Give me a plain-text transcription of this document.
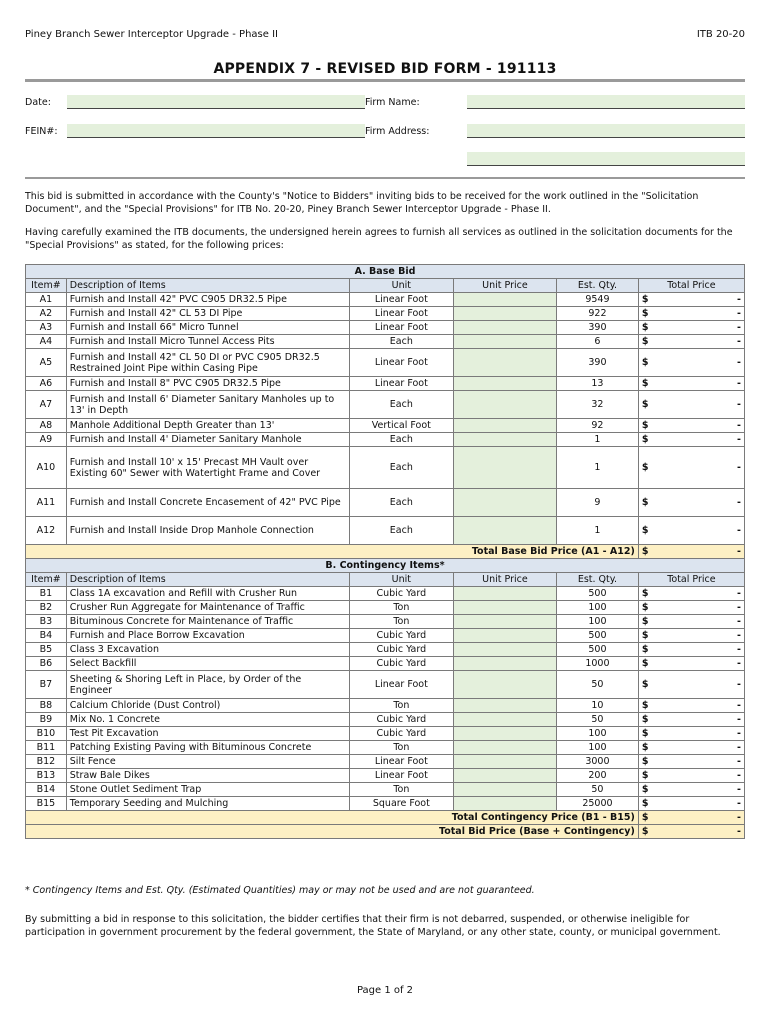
Piney Branch Sewer Interceptor Upgrade - Phase II	ITB 20-20
APPENDIX 7 - REVISED BID FORM - 191113
Date:	Firm Name:
FEIN#:	Firm Address:
This bid is submitted in accordance with the County's "Notice to Bidders" inviting bids to be received for the work outlined in the "Solicitation Document", and the "Special Provisions" for ITB No. 20-20, Piney Branch Sewer Interceptor Upgrade - Phase II.
Having carefully examined the ITB documents, the undersigned herein agrees to furnish all services as outlined in the solicitation documents for the "Special Provisions" as stated, for the following prices:
A. Base Bid					
Item#	Description of Items	Unit	Unit Price	Est. Qty.	Total Price
A1	Furnish and Install 42" PVC C905 DR32.5 Pipe	Linear Foot		9549	$ -

A2	Furnish and Install 42" CL 53 DI Pipe	Linear Foot		922	$ -

A3	Furnish and Install 66" Micro Tunnel	Linear Foot		390	$ -

A4	Furnish and Install Micro Tunnel Access Pits	Each		6	$ -

A5	Furnish and Install 42" CL 50 DI or PVC C905 DR32.5 Restrained Joint Pipe within Casing Pipe	Linear Foot		390	$ -

A6	Furnish and Install 8" PVC C905 DR32.5 Pipe	Linear Foot		13	$ -

A7	Furnish and Install 6' Diameter Sanitary Manholes up to 13' in Depth	Each		32	$ -

A8	Manhole Additional Depth Greater than 13'	Vertical Foot		92	$ -

A9	Furnish and Install 4' Diameter Sanitary Manhole	Each		1	$ -

A10	Furnish and Install 10' x 15' Precast MH Vault over Existing 60" Sewer with Watertight Frame and Cover	Each		1	$ -

A11	Furnish and Install Concrete Encasement of 42" PVC Pipe	Each		9	$ -

A12	Furnish and Install Inside Drop Manhole Connection	Each		1	$ -

Total Base Bid Price (A1 - A12)					$ -

B. Contingency Items*					
Item#	Description of Items	Unit	Unit Price	Est. Qty.	Total Price
B1	Class 1A excavation and Refill with Crusher Run	Cubic Yard		500	$ -

B2	Crusher Run Aggregate for Maintenance of Traffic	Ton		100	$ -

B3	Bituminous Concrete for Maintenance of Traffic	Ton		100	$ -

B4	Furnish and Place Borrow Excavation	Cubic Yard		500	$ -

B5	Class 3 Excavation	Cubic Yard		500	$ -

B6	Select Backfill	Cubic Yard		1000	$ -

B7	Sheeting & Shoring Left in Place, by Order of the Engineer	Linear Foot		50	$ -

B8	Calcium Chloride (Dust Control)	Ton		10	$ -

B9	Mix No. 1 Concrete	Cubic Yard		50	$ -

B10	Test Pit Excavation	Cubic Yard		100	$ -

B11	Patching Existing Paving with Bituminous Concrete	Ton		100	$ -

B12	Silt Fence	Linear Foot		3000	$ -

B13	Straw Bale Dikes	Linear Foot		200	$ -

B14	Stone Outlet Sediment Trap	Ton		50	$ -

B15	Temporary Seeding and Mulching	Square Foot		25000	$ -

Total Contingency Price (B1 - B15)					$ -

Total Bid Price (Base + Contingency)					$ -
* Contingency Items and Est. Qty. (Estimated Quantities) may or may not be used and are not guaranteed.
By submitting a bid in response to this solicitation, the bidder certifies that their firm is not debarred, suspended, or otherwise ineligible for participation in government procurement by the federal government, the State of Maryland, or any other state, county, or municipal government.
Page 1 of 2
